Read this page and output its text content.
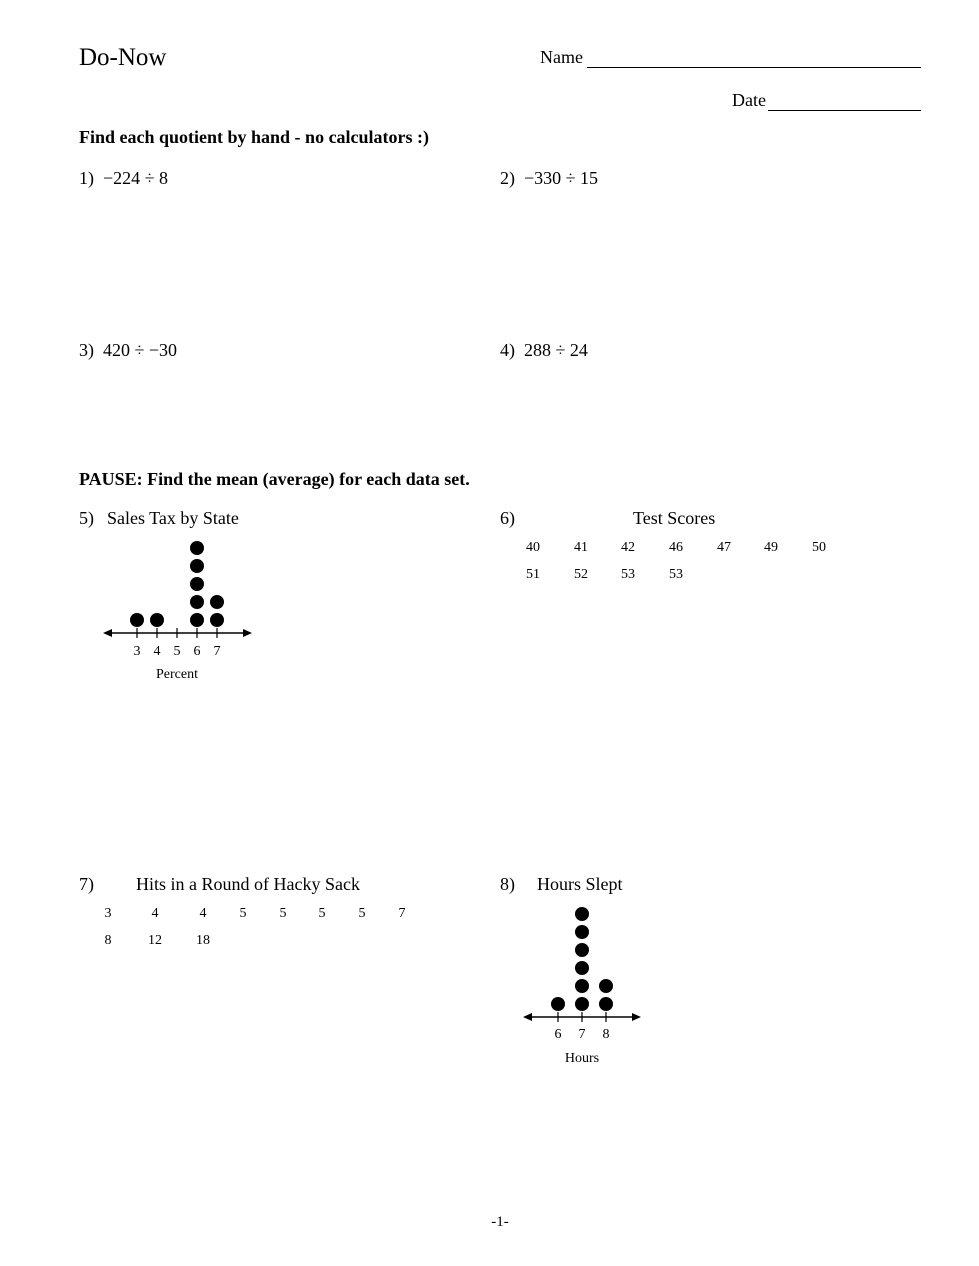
Do-Now	Name
Date
Find each quotient by hand - no calculators :)
1) −224 ÷ 8	2) −330 ÷ 15
3) 420 ÷ −30	4) 288 ÷ 24
PAUSE: Find the mean (average) for each data set.
5) Sales Tax by State
3 4 5 6 7
Percent
6)	Test Scores
40	41	42	46	47	49	50
51	52	53	53
7) Hits in a Round of Hacky Sack
3	4	4	5	5	5	5	7
8	12	18
8) Hours Slept
6 7 8
Hours
-1-
